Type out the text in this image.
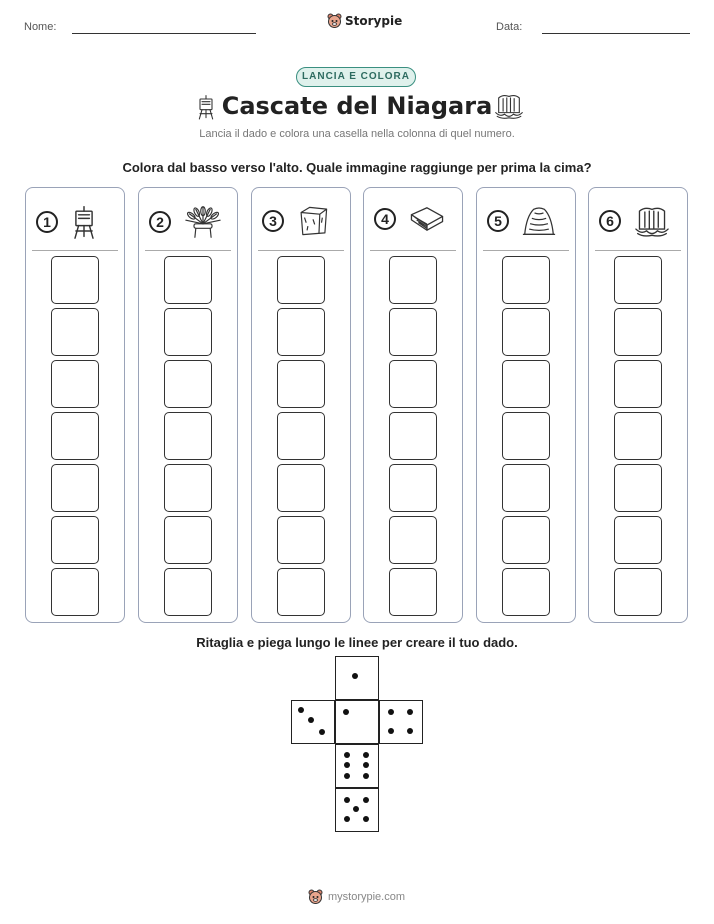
Nome:	Storypie	Data:
LANCIA E COLORA
Cascate del Niagara
Lancia il dado e colora una casella nella colonna di quel numero.
Colora dal basso verso l'alto. Quale immagine raggiunge per prima la cima?
1	2	3	4	5	6
Ritaglia e piega lungo le linee per creare il tuo dado.
mystorypie.com
